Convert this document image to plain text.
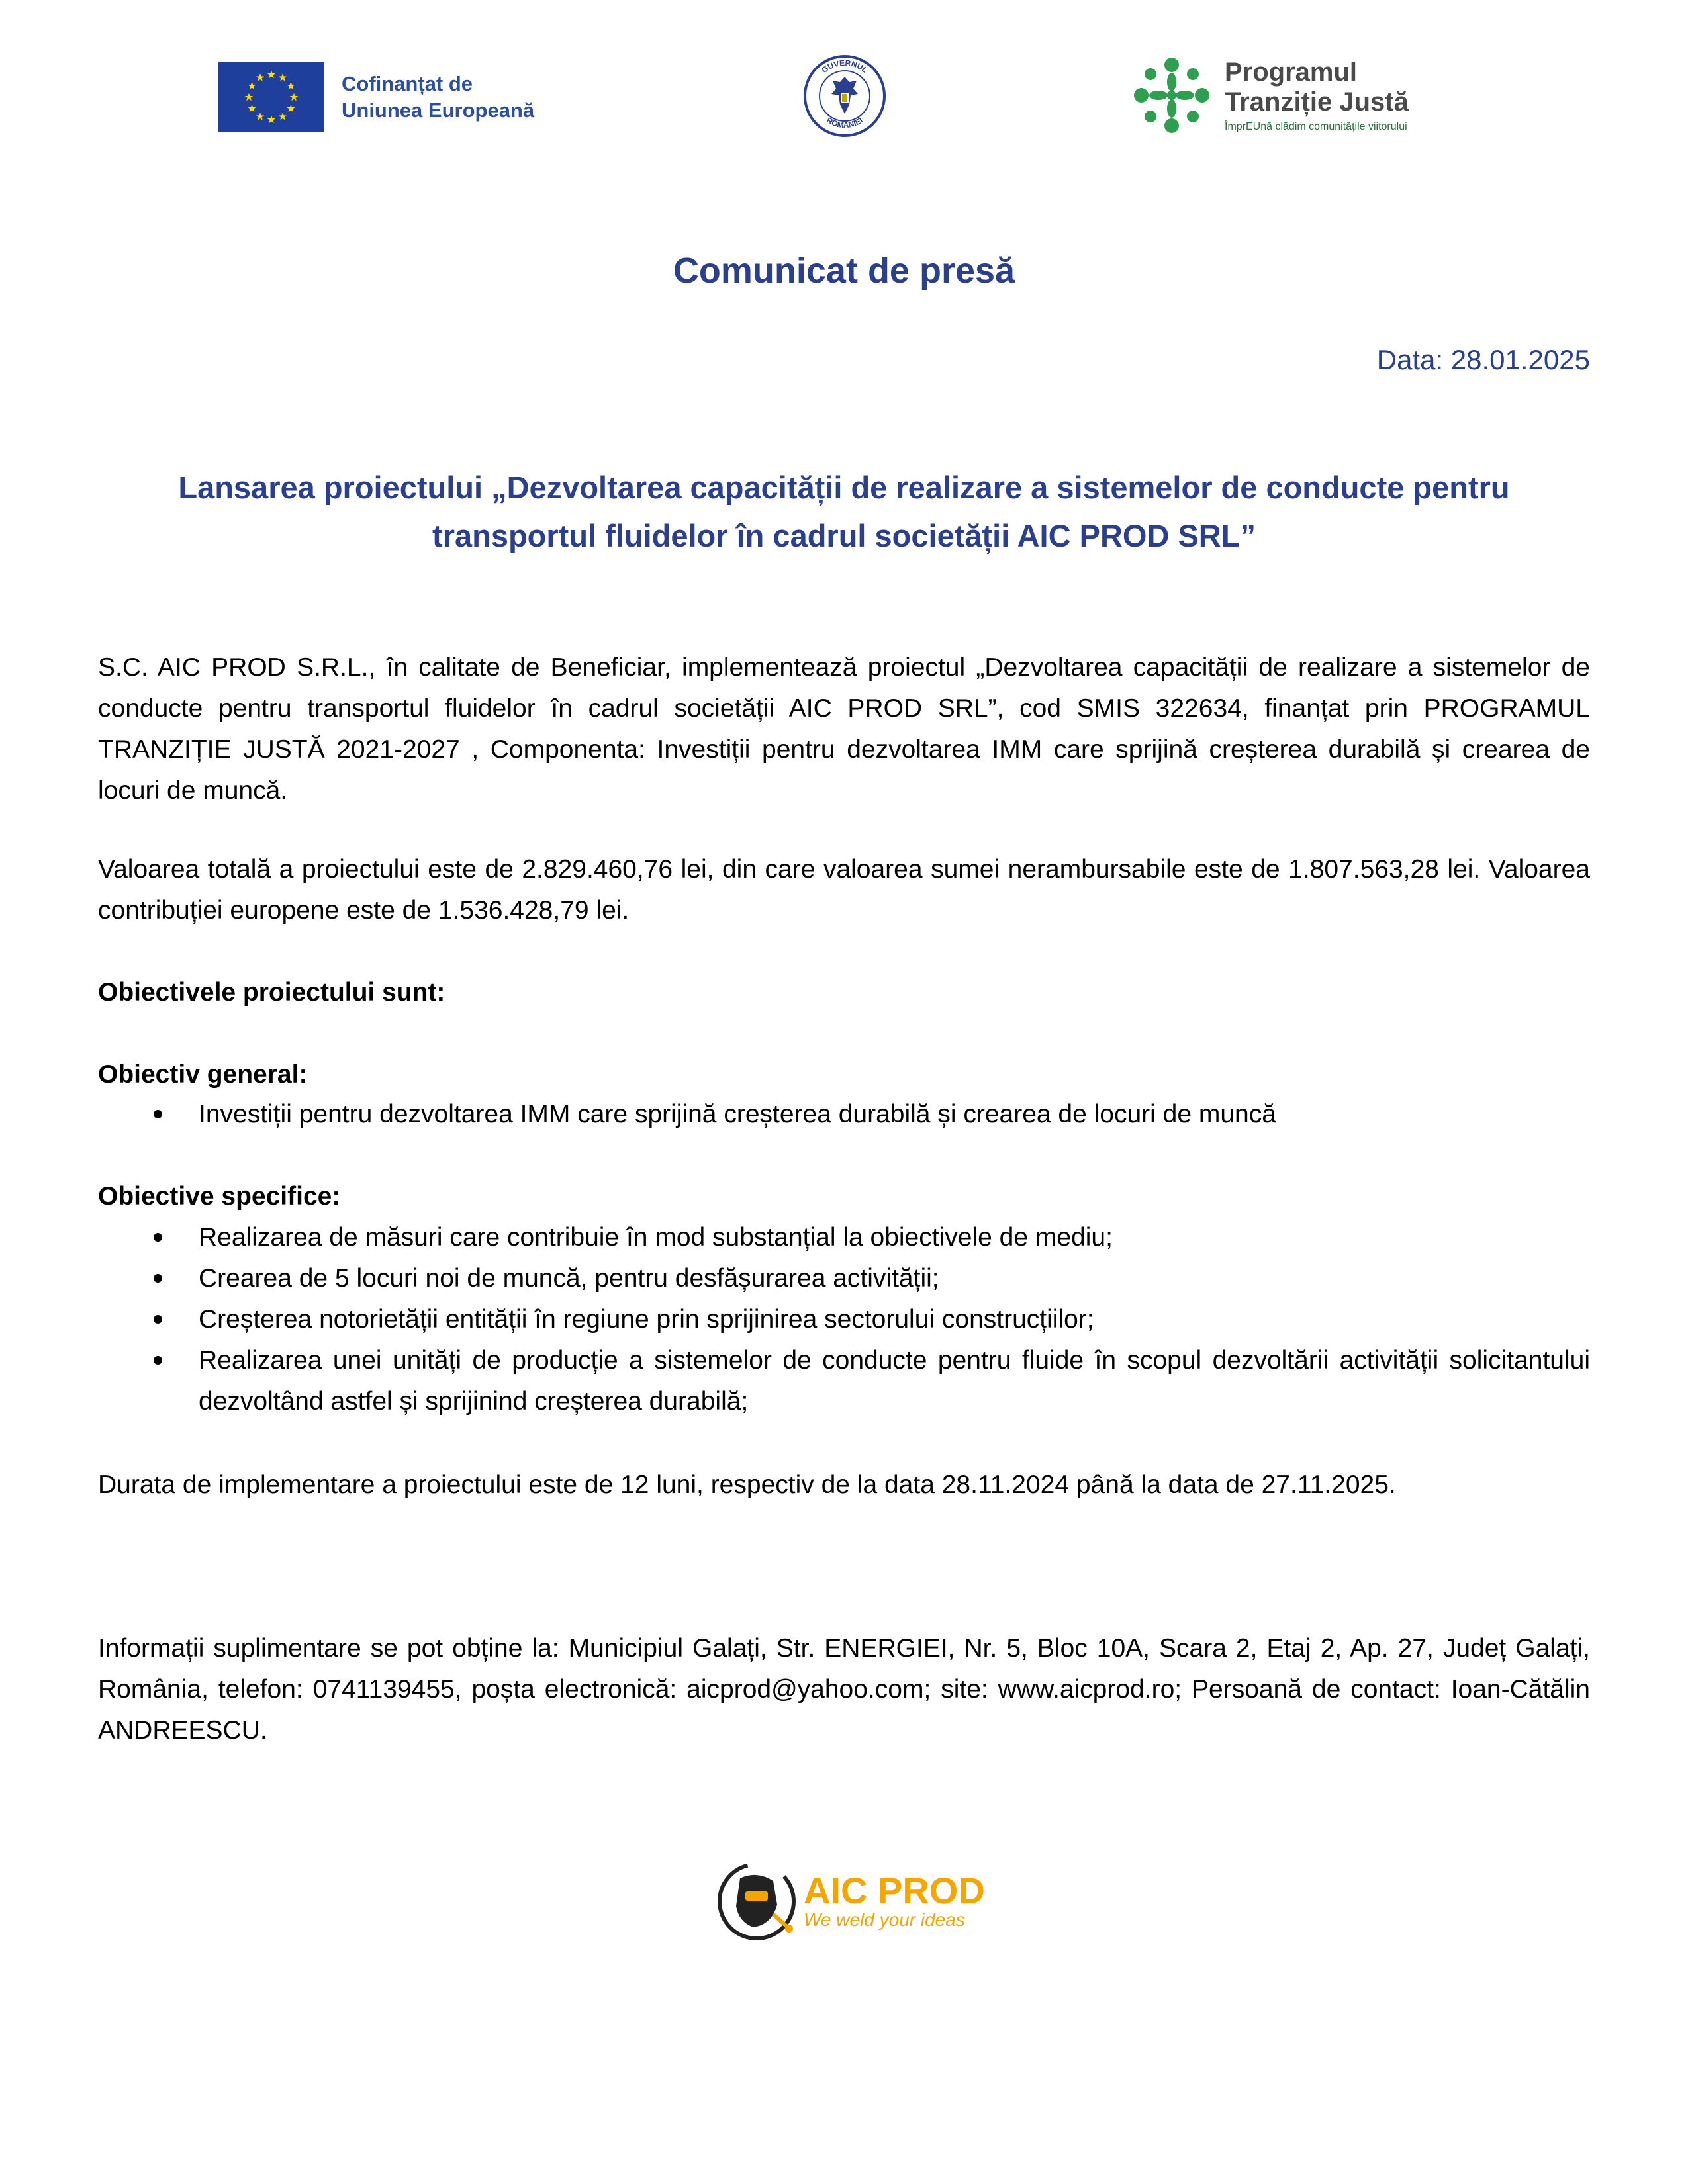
Cofinanțat de
Uniunea Europeană
GUVERNUL
ROMÂNIEI
Programul
Tranziție Justă
ÎmprEUnă clădim comunitățile viitorului
Comunicat de presă
Data: 28.01.2025
Lansarea proiectului „Dezvoltarea capacității de realizare a sistemelor de conducte pentru
transportul fluidelor în cadrul societății AIC PROD SRL”
S.C. AIC PROD S.R.L., în calitate de Beneficiar, implementează proiectul „Dezvoltarea capacității de realizare a sistemelor de conducte pentru transportul fluidelor în cadrul societății AIC PROD SRL”, cod SMIS 322634, finanțat prin PROGRAMUL TRANZIȚIE JUSTĂ 2021-2027 , Componenta: Investiții pentru dezvoltarea IMM care sprijină creșterea durabilă și crearea de locuri de muncă.
Valoarea totală a proiectului este de 2.829.460,76 lei, din care valoarea sumei nerambursabile este de 1.807.563,28 lei. Valoarea contribuției europene este de 1.536.428,79 lei.
Obiectivele proiectului sunt:
Obiectiv general:
Investiții pentru dezvoltarea IMM care sprijină creșterea durabilă și crearea de locuri de muncă
Obiective specifice:
Realizarea de măsuri care contribuie în mod substanțial la obiectivele de mediu;
Crearea de 5 locuri noi de muncă, pentru desfășurarea activității;
Creșterea notorietății entității în regiune prin sprijinirea sectorului construcțiilor;
Realizarea unei unități de producție a sistemelor de conducte pentru fluide în scopul dezvoltării activității solicitantului dezvoltând astfel și sprijinind creșterea durabilă;
Durata de implementare a proiectului este de 12 luni, respectiv de la data 28.11.2024 până la data de 27.11.2025.
Informații suplimentare se pot obține la: Municipiul Galați, Str. ENERGIEI, Nr. 5, Bloc 10A, Scara 2, Etaj 2, Ap. 27, Județ Galați, România, telefon: 0741139455, poșta electronică: aicprod@yahoo.com; site: www.aicprod.ro; Persoană de contact: Ioan-Cătălin ANDREESCU.
AIC PROD
We weld your ideas
